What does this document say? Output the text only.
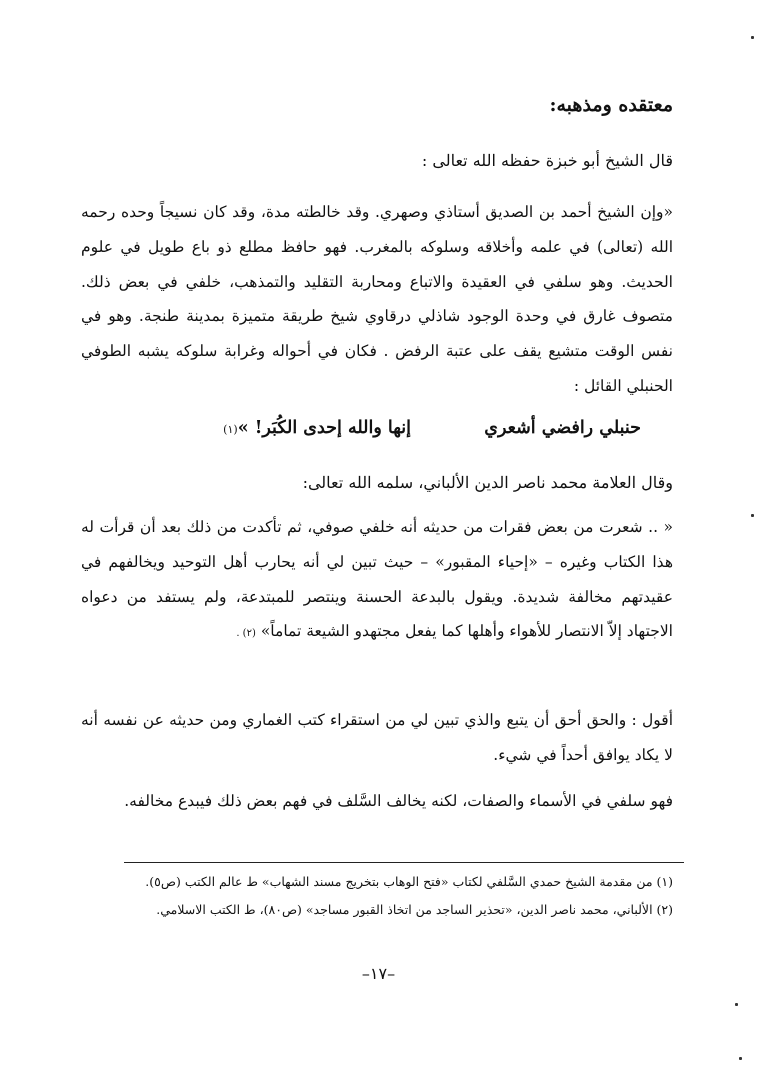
معتقده ومذهبه:
قال الشيخ أبو خبزة حفظه الله تعالى :
«وإن الشيخ أحمد بن الصديق أستاذي وصهري. وقد خالطته مدة، وقد كان نسيجاً وحده رحمه الله (تعالى) في علمه وأخلاقه وسلوكه بالمغرب. فهو حافظ مطلع ذو باع طويل في علوم الحديث. وهو سلفي في العقيدة والاتباع ومحاربة التقليد والتمذهب، خلفي في بعض ذلك. متصوف غارق في وحدة الوجود شاذلي درقاوي شيخ طريقة متميزة بمدينة طنجة. وهو في نفس الوقت متشيع يقف على عتبة الرفض . فكان في أحواله وغرابة سلوكه يشبه الطوفي الحنبلي القائل :
حنبلي رافضي أشعري
إنها والله إحدى الكُبَر! »(١)
وقال العلامة محمد ناصر الدين الألباني، سلمه الله تعالى:
« .. شعرت من بعض فقرات من حديثه أنه خلفي صوفي، ثم تأكدت من ذلك بعد أن قرأت له هذا الكتاب وغيره – «إحياء المقبور» – حيث تبين لي أنه يحارب أهل التوحيد ويخالفهم في عقيدتهم مخالفة شديدة. ويقول بالبدعة الحسنة وينتصر للمبتدعة، ولم يستفد من دعواه الاجتهاد إلاّ الانتصار للأهواء وأهلها كما يفعل مجتهدو الشيعة تماماً» (٢) .
أقول : والحق أحق أن يتبع والذي تبين لي من استقراء كتب الغماري ومن حديثه عن نفسه أنه لا يكاد يوافق أحداً في شيء.
فهو سلفي في الأسماء والصفات، لكنه يخالف السَّلف في فهم بعض ذلك فيبدع مخالفه.
(١) من مقدمة الشيخ حمدي السَّلفي لكتاب «فتح الوهاب بتخريج مسند الشهاب» ط عالم الكتب (ص٥).
(٢) الألباني، محمد ناصر الدين، «تحذير الساجد من اتخاذ القبور مساجد» (ص٨٠)، ط الكتب الاسلامي.
–١٧–
